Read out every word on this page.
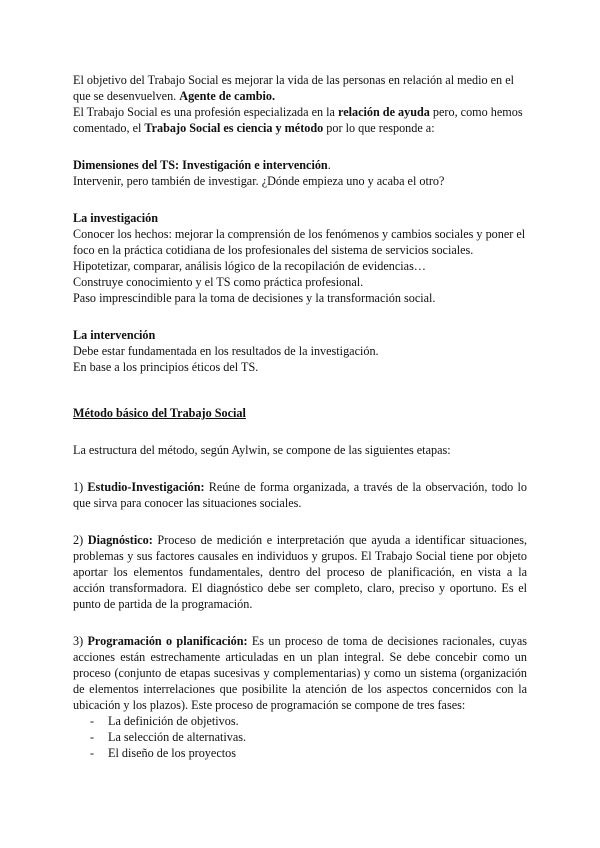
El objetivo del Trabajo Social es mejorar la vida de las personas en relación al medio en el que se desenvuelven. Agente de cambio.

El Trabajo Social es una profesión especializada en la relación de ayuda pero, como hemos comentado, el Trabajo Social es ciencia y método por lo que responde a:

Dimensiones del TS: Investigación e intervención.

Intervenir, pero también de investigar. ¿Dónde empieza uno y acaba el otro?

La investigación

Conocer los hechos: mejorar la comprensión de los fenómenos y cambios sociales y poner el foco en la práctica cotidiana de los profesionales del sistema de servicios sociales.

Hipotetizar, comparar, análisis lógico de la recopilación de evidencias…

Construye conocimiento y el TS como práctica profesional.

Paso imprescindible para la toma de decisiones y la transformación social.

La intervención

Debe estar fundamentada en los resultados de la investigación.

En base a los principios éticos del TS.

Método básico del Trabajo Social

La estructura del método, según Aylwin, se compone de las siguientes etapas:

1) Estudio-Investigación: Reúne de forma organizada, a través de la observación, todo lo que sirva para conocer las situaciones sociales.

2) Diagnóstico: Proceso de medición e interpretación que ayuda a identificar situaciones, problemas y sus factores causales en individuos y grupos. El Trabajo Social tiene por objeto aportar los elementos fundamentales, dentro del proceso de planificación, en vista a la acción transformadora. El diagnóstico debe ser completo, claro, preciso y oportuno. Es el punto de partida de la programación.

3) Programación o planificación: Es un proceso de toma de decisiones racionales, cuyas acciones están estrechamente articuladas en un plan integral. Se debe concebir como un proceso (conjunto de etapas sucesivas y complementarias) y como un sistema (organización de elementos interrelaciones que posibilite la atención de los aspectos concernidos con la ubicación y los plazos). Este proceso de programación se compone de tres fases:

- La definición de objetivos.
- La selección de alternativas.
- El diseño de los proyectos
